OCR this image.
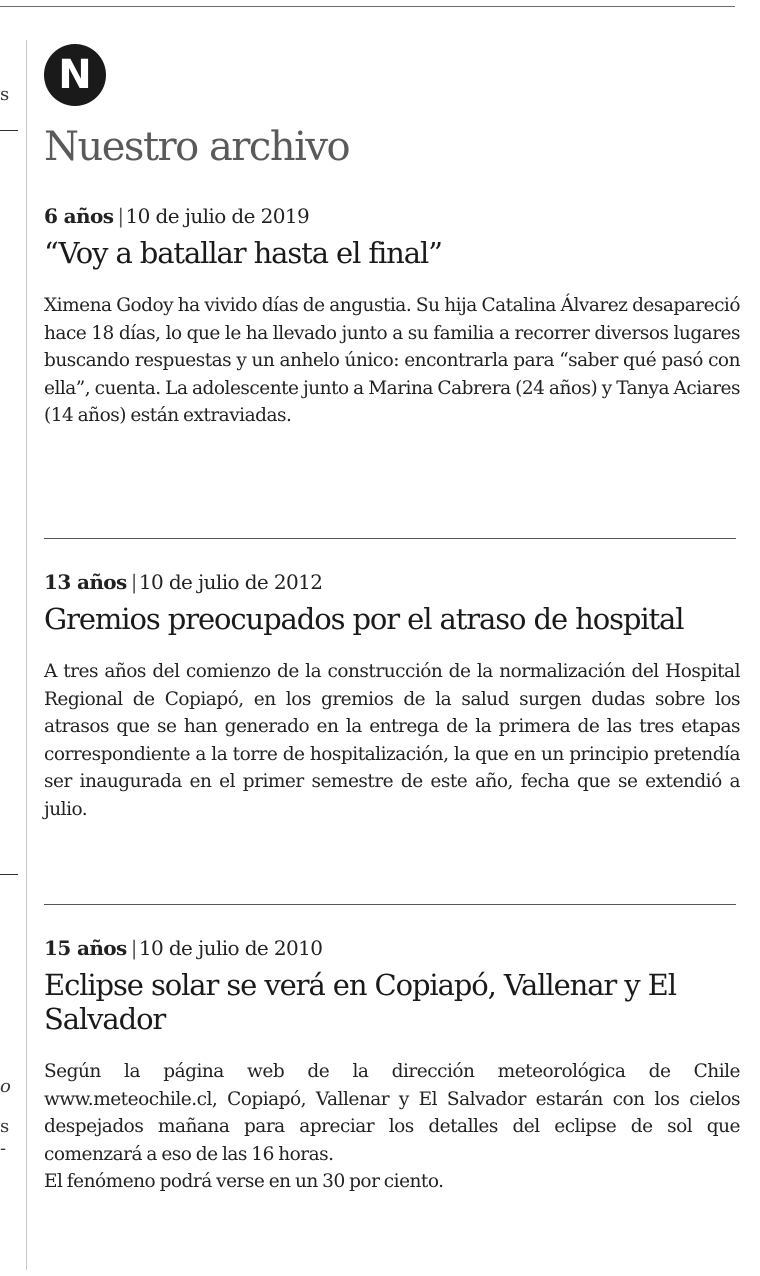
s
s
-
o
N
Nuestro archivo
6 años | 10 de julio de 2019
“Voy a batallar hasta el final”

Ximena Godoy ha vivido días de angustia. Su hija Catalina Álvarez desapareció hace 18 días, lo que le ha llevado junto a su familia a recorrer diversos lugares buscando respuestas y un anhelo único: encontrarla para “saber qué pasó con ella”, cuenta. La adolescente junto a Marina Cabrera (24 años) y Tanya Aciares (14 años) están extraviadas.

13 años | 10 de julio de 2012
Gremios preocupados por el atraso de hospital

A tres años del comienzo de la construcción de la normalización del Hospital Regional de Copiapó, en los gremios de la salud surgen dudas sobre los atrasos que se han generado en la entrega de la primera de las tres etapas correspondiente a la torre de hospitalización, la que en un principio pretendía ser inaugurada en el primer semestre de este año, fecha que se extendió a julio.

15 años | 10 de julio de 2010
Eclipse solar se verá en Copiapó, Vallenar y El Salvador

Según la página web de la dirección meteorológica de Chile www.meteochile.cl, Copiapó, Vallenar y El Salvador estarán con los cielos despejados mañana para apreciar los detalles del eclipse de sol que comenzará a eso de las 16 horas.

El fenómeno podrá verse en un 30 por ciento.
